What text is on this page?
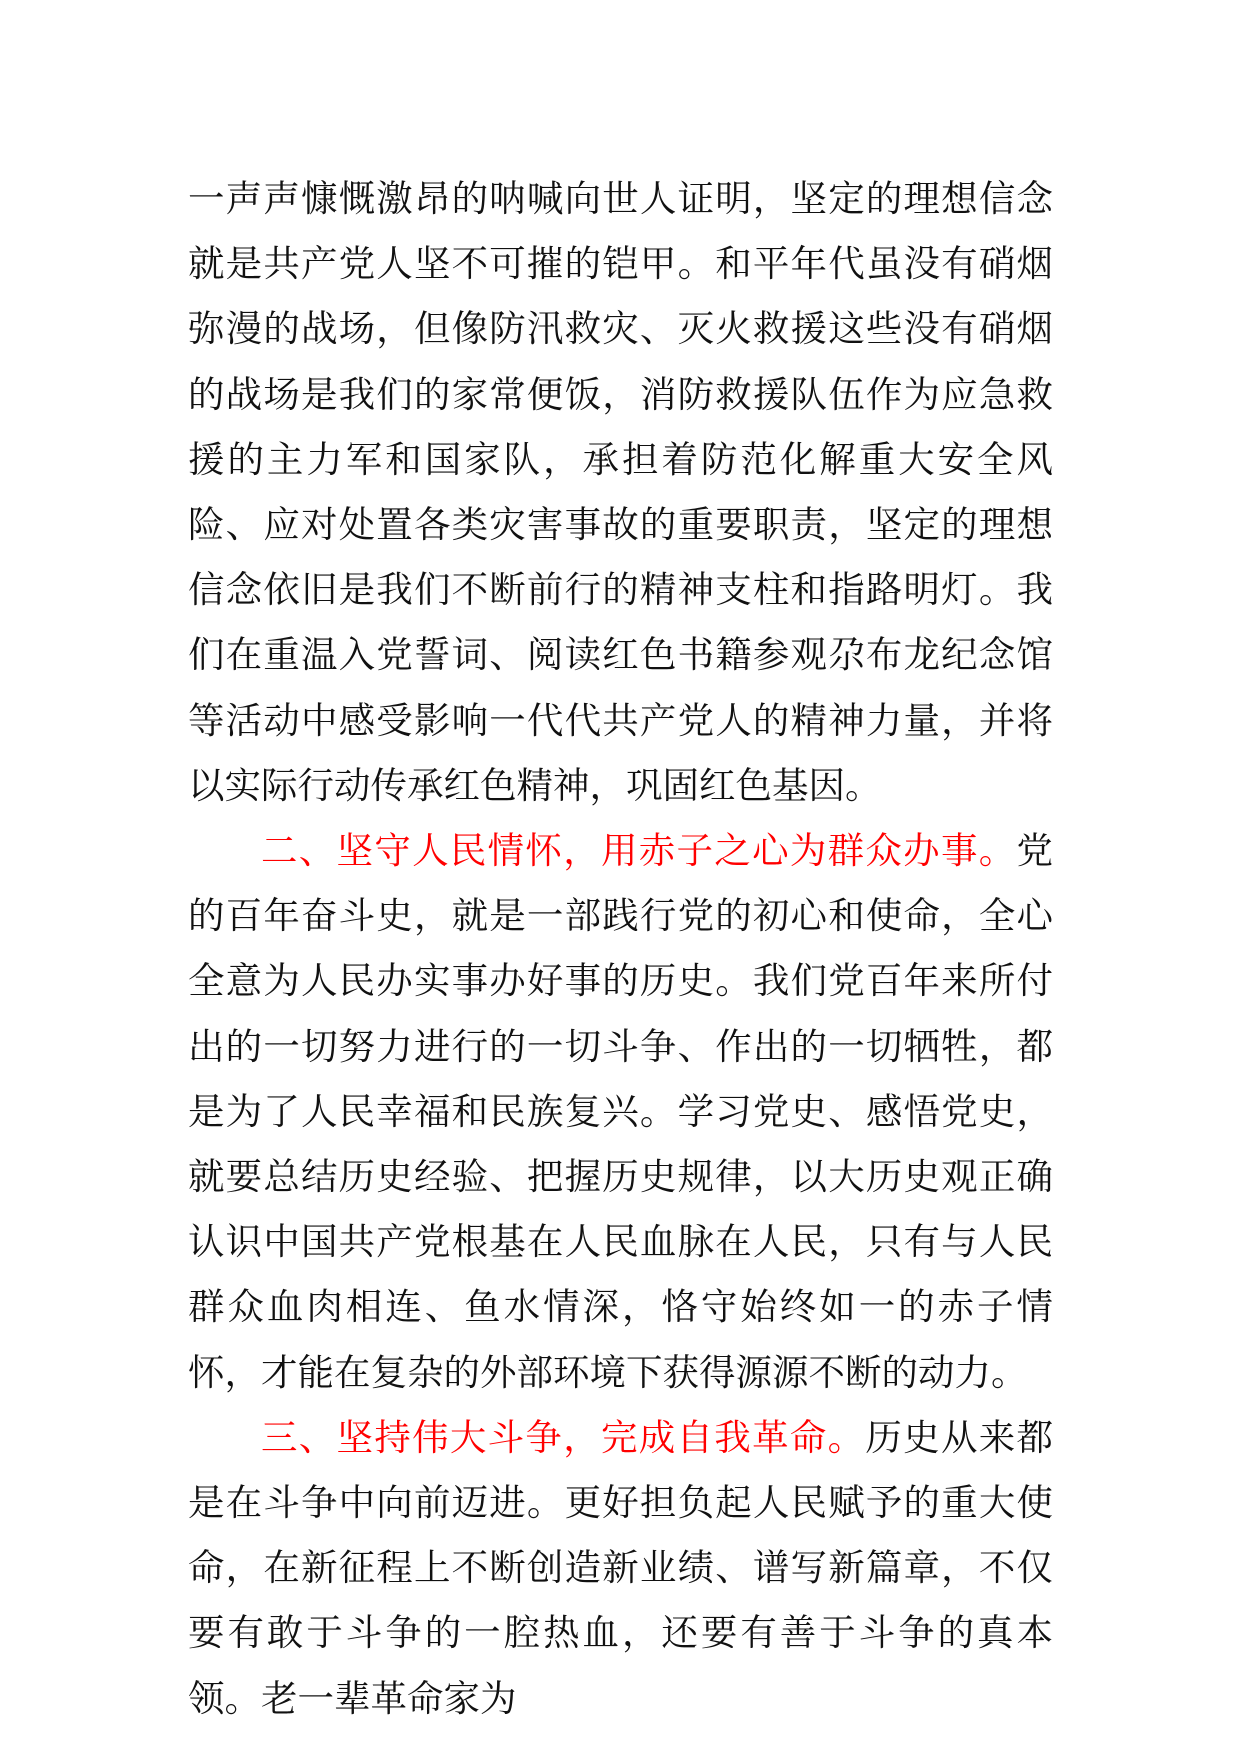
一声声慷慨激昂的呐喊向世人证明，坚定的理想信念就是共产党人坚不可摧的铠甲。和平年代虽没有硝烟弥漫的战场，但像防汛救灾、灭火救援这些没有硝烟的战场是我们的家常便饭，消防救援队伍作为应急救援的主力军和国家队，承担着防范化解重大安全风险、应对处置各类灾害事故的重要职责，坚定的理想信念依旧是我们不断前行的精神支柱和指路明灯。我们在重温入党誓词、阅读红色书籍参观尕布龙纪念馆等活动中感受影响一代代共产党人的精神力量，并将以实际行动传承红色精神，巩固红色基因。

二、坚守人民情怀，用赤子之心为群众办事。党的百年奋斗史，就是一部践行党的初心和使命，全心全意为人民办实事办好事的历史。我们党百年来所付出的一切努力进行的一切斗争、作出的一切牺牲，都是为了人民幸福和民族复兴。学习党史、感悟党史，就要总结历史经验、把握历史规律，以大历史观正确认识中国共产党根基在人民血脉在人民，只有与人民群众血肉相连、鱼水情深，恪守始终如一的赤子情怀，才能在复杂的外部环境下获得源源不断的动力。

三、坚持伟大斗争，完成自我革命。历史从来都是在斗争中向前迈进。更好担负起人民赋予的重大使命，在新征程上不断创造新业绩、谱写新篇章，不仅要有敢于斗争的一腔热血，还要有善于斗争的真本领。老一辈革命家为
